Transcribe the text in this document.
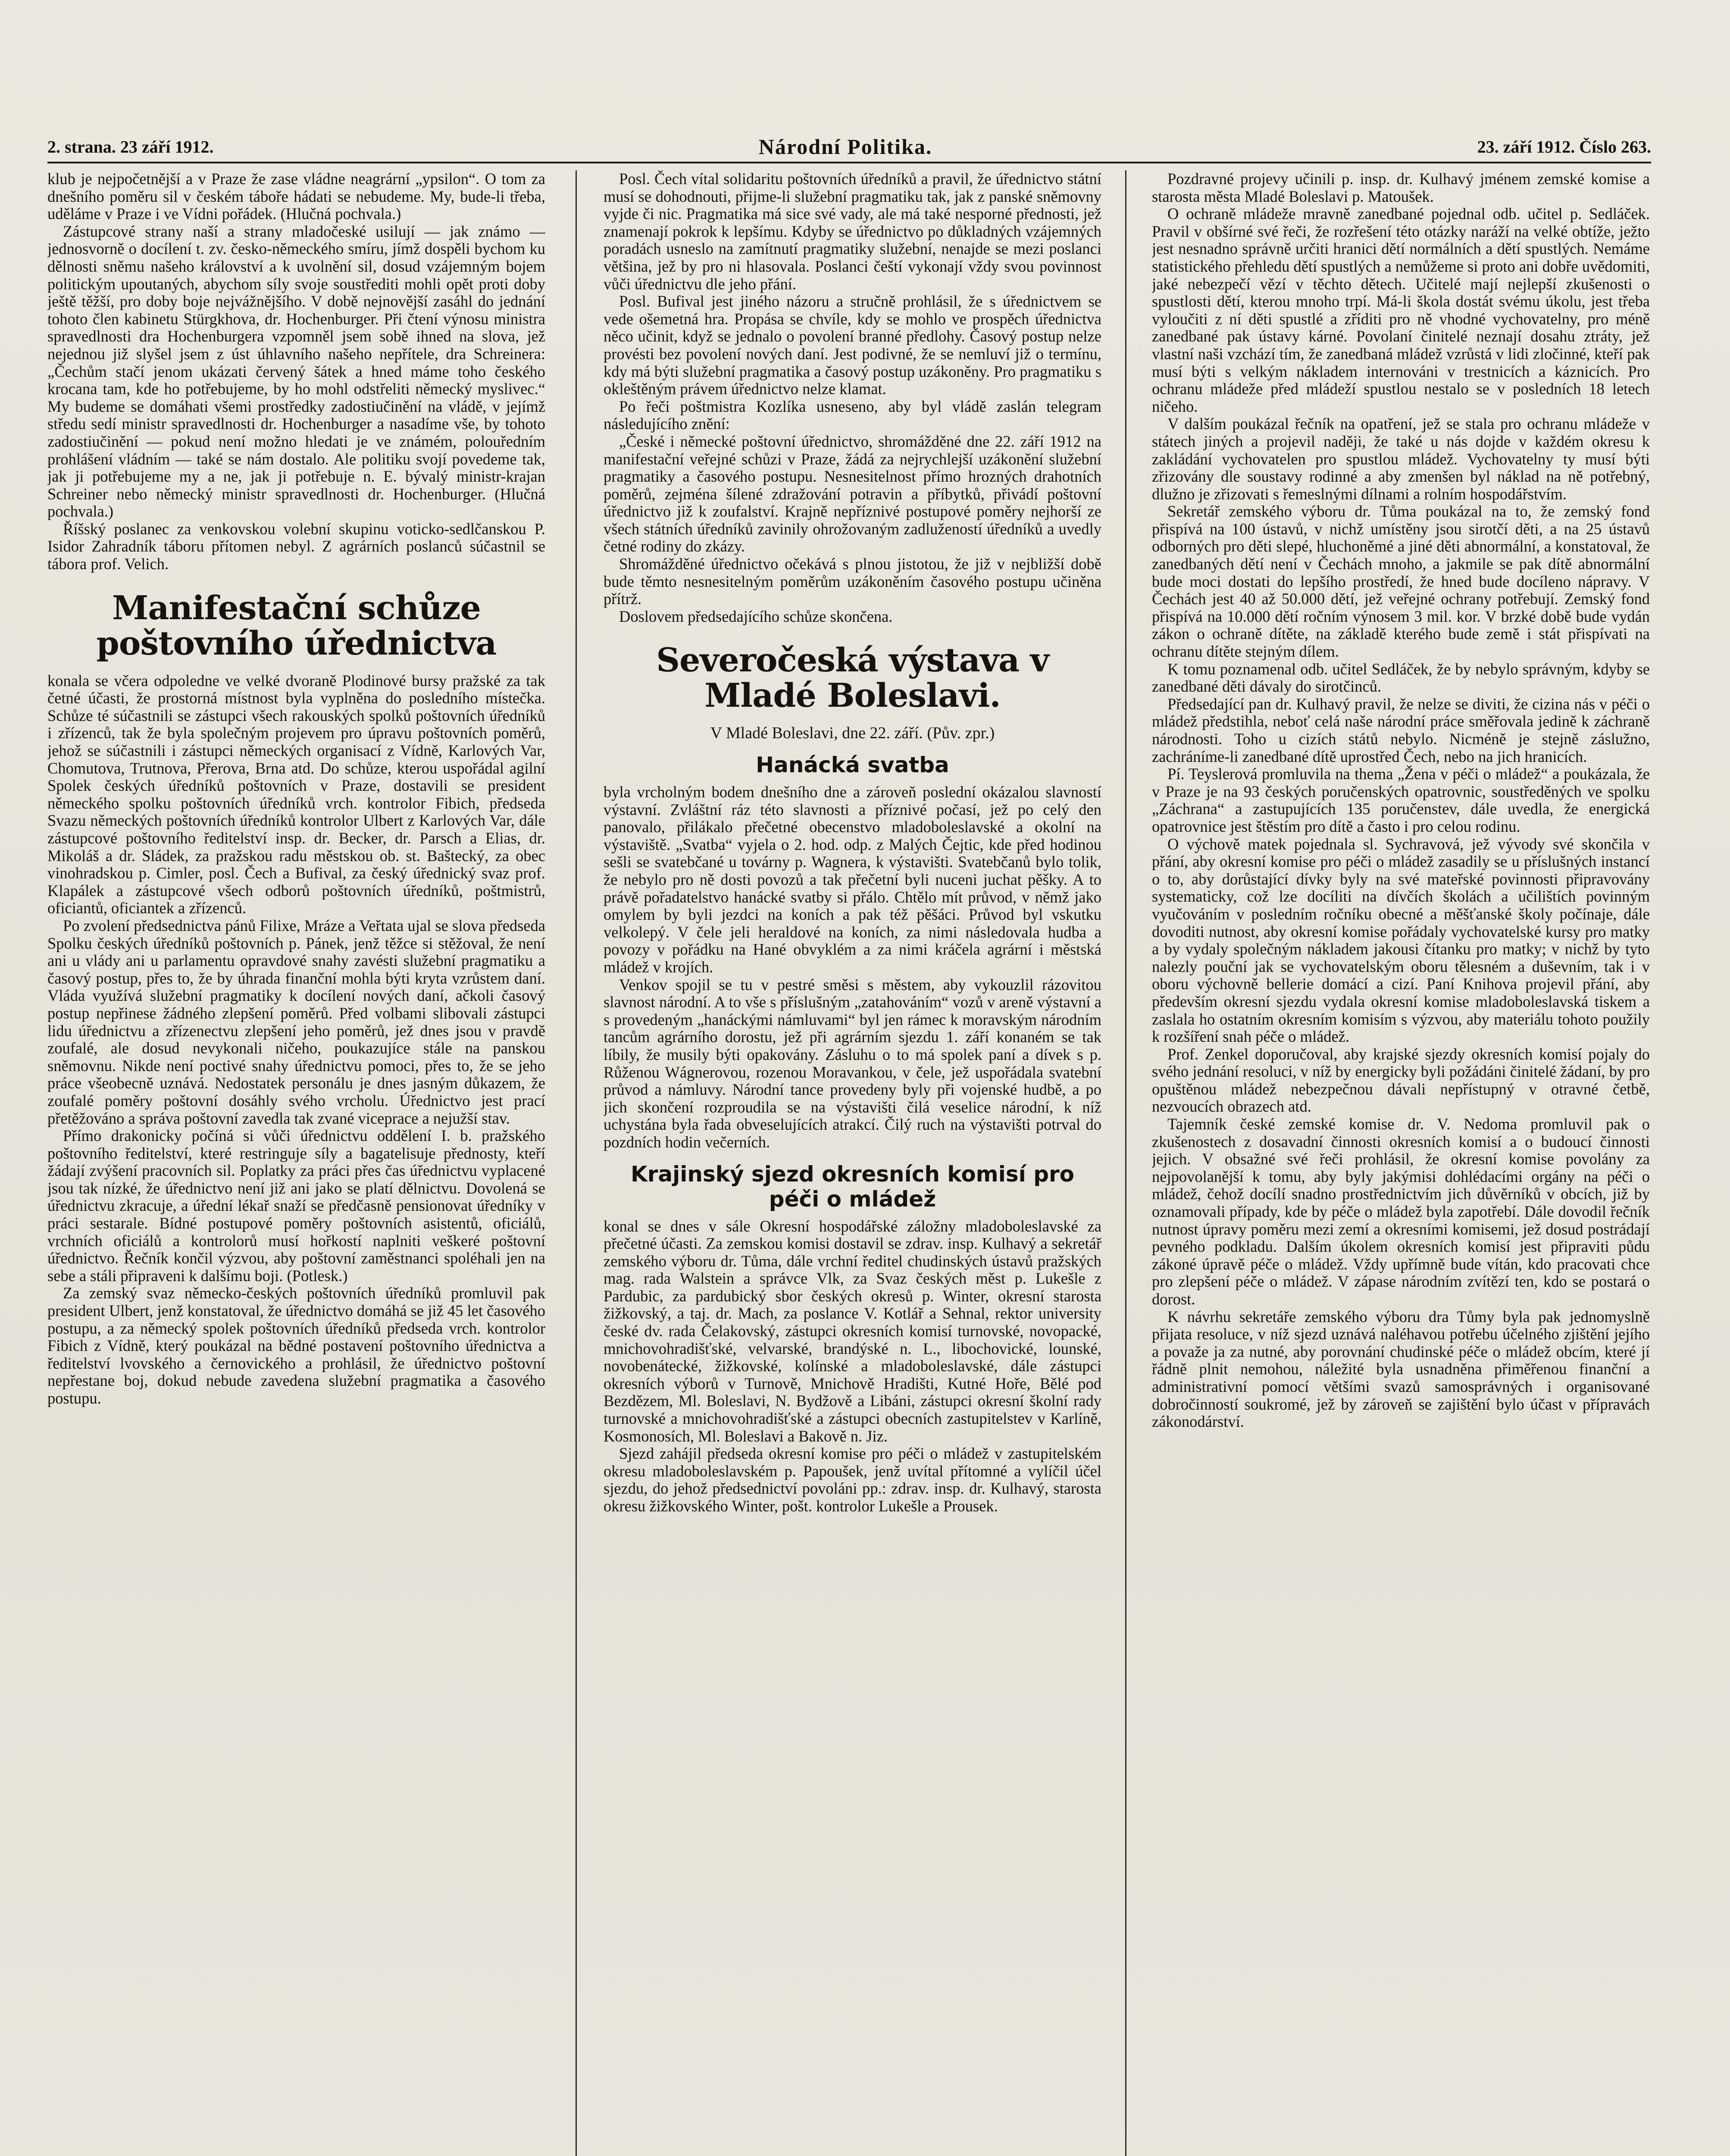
2. strana. 23 září 1912.	Národní Politika.	23. září 1912. Číslo 263.

klub je nejpočetnější a v Praze že zase vládne neagrární „ypsilon“. O tom za dnešního poměru sil v českém táboře hádati se nebudeme. My, bude-li třeba, uděláme v Praze i ve Vídni pořádek. (Hlučná pochvala.)

Zástupcové strany naší a strany mladočeské usilují — jak známo — jednosvorně o docílení t. zv. česko-německého smíru, jímž dospěli bychom ku dělnosti sněmu našeho království a k uvolnění sil, dosud vzájemným bojem politickým upoutaných, abychom síly svoje soustřediti mohli opět proti doby ještě těžší, pro doby boje nejvážnějšího. V době nejnovější zasáhl do jednání tohoto člen kabinetu Stürgkhova, dr. Hochenburger. Při čtení výnosu ministra spravedlnosti dra Hochenburgera vzpomněl jsem sobě ihned na slova, jež nejednou již slyšel jsem z úst úhlavního našeho nepřítele, dra Schreinera: „Čechům stačí jenom ukázati červený šátek a hned máme toho českého krocana tam, kde ho potřebujeme, by ho mohl odstřeliti německý myslivec.“ My budeme se domáhati všemi prostředky zadostiučinění na vládě, v jejímž středu sedí ministr spravedlnosti dr. Hochenburger a nasadíme vše, by tohoto zadostiučinění — pokud není možno hledati je ve známém, polouředním prohlášení vládním — také se nám dostalo. Ale politiku svojí povedeme tak, jak ji potřebujeme my a ne, jak ji potřebuje n. E. bývalý ministr-krajan Schreiner nebo německý ministr spravedlnosti dr. Hochenburger. (Hlučná pochvala.)

Říšský poslanec za venkovskou volební skupinu voticko-sedlčanskou P. Isidor Zahradník táboru přítomen nebyl. Z agrárních poslanců súčastnil se tábora prof. Velich.

Manifestační schůze poštovního úřednictva

konala se včera odpoledne ve velké dvoraně Plodinové bursy pražské za tak četné účasti, že prostorná místnost byla vyplněna do posledního místečka. Schůze té súčastnili se zástupci všech rakouských spolků poštovních úředníků i zřízenců, tak že byla společným projevem pro úpravu poštovních poměrů, jehož se súčastnili i zástupci německých organisací z Vídně, Karlových Var, Chomutova, Trutnova, Přerova, Brna atd. Do schůze, kterou uspořádal agilní Spolek českých úředníků poštovních v Praze, dostavili se president německého spolku poštovních úředníků vrch. kontrolor Fibich, předseda Svazu německých poštovních úředníků kontrolor Ulbert z Karlových Var, dále zástupcové poštovního ředitelství insp. dr. Becker, dr. Parsch a Elias, dr. Mikoláš a dr. Sládek, za pražskou radu městskou ob. st. Baštecký, za obec vinohradskou p. Cimler, posl. Čech a Bufival, za český úřednický svaz prof. Klapálek a zástupcové všech odborů poštovních úředníků, poštmistrů, oficiantů, oficiantek a zřízenců.

Po zvolení předsednictva pánů Filixe, Mráze a Veřtata ujal se slova předseda Spolku českých úředníků poštovních p. Pánek, jenž těžce si stěžoval, že není ani u vlády ani u parlamentu opravdové snahy zavésti služební pragmatiku a časový postup, přes to, že by úhrada finanční mohla býti kryta vzrůstem daní. Vláda využívá služební pragmatiky k docílení nových daní, ačkoli časový postup nepřinese žádného zlepšení poměrů. Před volbami slibovali zástupci lidu úřednictvu a zřízenectvu zlepšení jeho poměrů, jež dnes jsou v pravdě zoufalé, ale dosud nevykonali ničeho, poukazujíce stále na panskou sněmovnu. Nikde není poctivé snahy úřednictvu pomoci, přes to, že se jeho práce všeobecně uznává. Nedostatek personálu je dnes jasným důkazem, že zoufalé poměry poštovní dosáhly svého vrcholu. Úřednictvo jest prací přetěžováno a správa poštovní zavedla tak zvané viceprace a nejužší stav.

Přímo drakonicky počíná si vůči úřednictvu oddělení I. b. pražského poštovního ředitelství, které restringuje síly a bagatelisuje přednosty, kteří žádají zvýšení pracovních sil. Poplatky za práci přes čas úřednictvu vyplacené jsou tak nízké, že úřednictvo není již ani jako se platí dělnictvu. Dovolená se úřednictvu zkracuje, a úřední lékař snaží se předčasně pensionovat úředníky v práci sestarale. Bídné postupové poměry poštovních asistentů, oficiálů, vrchních oficiálů a kontrolorů musí hořkostí naplniti veškeré poštovní úřednictvo. Řečník končil výzvou, aby poštovní zaměstnanci spoléhali jen na sebe a stáli připraveni k dalšímu boji. (Potlesk.)

Za zemský svaz německo-českých poštovních úředníků promluvil pak president Ulbert, jenž konstatoval, že úřednictvo domáhá se již 45 let časového postupu, a za německý spolek poštovních úředníků předseda vrch. kontrolor Fibich z Vídně, který poukázal na bědné postavení poštovního úřednictva a ředitelství lvovského a černovického a prohlásil, že úřednictvo poštovní nepřestane boj, dokud nebude zavedena služební pragmatika a časového postupu.

Posl. Čech vítal solidaritu poštovních úředníků a pravil, že úřednictvo státní musí se dohodnouti, přijme-li služební pragmatiku tak, jak z panské sněmovny vyjde či nic. Pragmatika má sice své vady, ale má také nesporné přednosti, jež znamenají pokrok k lepšímu. Kdyby se úřednictvo po důkladných vzájemných poradách usneslo na zamítnutí pragmatiky služební, nenajde se mezi poslanci většina, jež by pro ni hlasovala. Poslanci čeští vykonají vždy svou povinnost vůči úřednictvu dle jeho přání.

Posl. Bufival jest jiného názoru a stručně prohlásil, že s úřednictvem se vede ošemetná hra. Propása se chvíle, kdy se mohlo ve prospěch úřednictva něco učinit, když se jednalo o povolení branné předlohy. Časový postup nelze provésti bez povolení nových daní. Jest podivné, že se nemluví již o termínu, kdy má býti služební pragmatika a časový postup uzákoněny. Pro pragmatiku s okleštěným právem úřednictvo nelze klamat.

Po řeči poštmistra Kozlíka usneseno, aby byl vládě zaslán telegram následujícího znění:

„České i německé poštovní úřednictvo, shromážděné dne 22. září 1912 na manifestační veřejné schůzi v Praze, žádá za nejrychlejší uzákonění služební pragmatiky a časového postupu. Nesnesitelnost přímo hrozných drahotních poměrů, zejména šílené zdražování potravin a příbytků, přivádí poštovní úřednictvo již k zoufalství. Krajně nepříznivé postupové poměry nejhorší ze všech státních úředníků zavinily ohrožovaným zadlužeností úředníků a uvedly četné rodiny do zkázy.

Shromážděné úřednictvo očekává s plnou jistotou, že již v nejbližší době bude těmto nesnesitelným poměrům uzákoněním časového postupu učiněna přítrž.

Doslovem předsedajícího schůze skončena.

Severočeská výstava v Mladé Boleslavi.
V Mladé Boleslavi, dne 22. září. (Pův. zpr.)
Hanácká svatba

byla vrcholným bodem dnešního dne a zároveň poslední okázalou slavností výstavní. Zvláštní ráz této slavnosti a příznivé počasí, jež po celý den panovalo, přilákalo přečetné obecenstvo mladoboleslavské a okolní na výstaviště. „Svatba“ vyjela o 2. hod. odp. z Malých Čejtic, kde před hodinou sešli se svatebčané u továrny p. Wagnera, k výstavišti. Svatebčanů bylo tolik, že nebylo pro ně dosti povozů a tak přečetní byli nuceni juchat pěšky. A to právě pořadatelstvo hanácké svatby si přálo. Chtělo mít průvod, v němž jako omylem by byli jezdci na koních a pak též pěšáci. Průvod byl vskutku velkolepý. V čele jeli heraldové na koních, za nimi následovala hudba a povozy v pořádku na Hané obvyklém a za nimi kráčela agrární i městská mládež v krojích.

Venkov spojil se tu v pestré směsi s městem, aby vykouzlil rázovitou slavnost národní. A to vše s příslušným „zatahováním“ vozů v areně výstavní a s provedeným „hanáckými námluvami“ byl jen rámec k moravským národním tancům agrárního dorostu, jež při agrárním sjezdu 1. září konaném se tak líbily, že musily býti opakovány. Zásluhu o to má spolek paní a dívek s p. Růženou Wágnerovou, rozenou Moravankou, v čele, jež uspořádala svatební průvod a námluvy. Národní tance provedeny byly při vojenské hudbě, a po jich skončení rozproudila se na výstavišti čilá veselice národní, k níž uchystána byla řada obveselujících atrakcí. Čilý ruch na výstavišti potrval do pozdních hodin večerních.

Krajinský sjezd okresních komisí pro péči o mládež

konal se dnes v sále Okresní hospodářské záložny mladoboleslavské za přečetné účasti. Za zemskou komisi dostavil se zdrav. insp. Kulhavý a sekretář zemského výboru dr. Tůma, dále vrchní ředitel chudinských ústavů pražských mag. rada Walstein a správce Vlk, za Svaz českých měst p. Lukešle z Pardubic, za pardubický sbor českých okresů p. Winter, okresní starosta žižkovský, a taj. dr. Mach, za poslance V. Kotlář a Sehnal, rektor university české dv. rada Čelakovský, zástupci okresních komisí turnovské, novopacké, mnichovohradišťské, velvarské, brandýské n. L., libochovické, lounské, novobenátecké, žižkovské, kolínské a mladoboleslavské, dále zástupci okresních výborů v Turnově, Mnichově Hradišti, Kutné Hoře, Bělé pod Bezdězem, Ml. Boleslavi, N. Bydžově a Libáni, zástupci okresní školní rady turnovské a mnichovohradišťské a zástupci obecních zastupitelstev v Karlíně, Kosmonosích, Ml. Boleslavi a Bakově n. Jiz.

Sjezd zahájil předseda okresní komise pro péči o mládež v zastupitelském okresu mladoboleslavském p. Papoušek, jenž uvítal přítomné a vylíčil účel sjezdu, do jehož předsednictví povoláni pp.: zdrav. insp. dr. Kulhavý, starosta okresu žižkovského Winter, pošt. kontrolor Lukešle a Prousek.

Pozdravné projevy učinili p. insp. dr. Kulhavý jménem zemské komise a starosta města Mladé Boleslavi p. Matoušek.

O ochraně mládeže mravně zanedbané pojednal odb. učitel p. Sedláček. Pravil v obšírné své řeči, že rozřešení této otázky naráží na velké obtíže, ježto jest nesnadno správně určiti hranici dětí normálních a dětí spustlých. Nemáme statistického přehledu dětí spustlých a nemůžeme si proto ani dobře uvědomiti, jaké nebezpečí vězí v těchto dětech. Učitelé mají nejlepší zkušenosti o spustlosti dětí, kterou mnoho trpí. Má-li škola dostát svému úkolu, jest třeba vyloučiti z ní děti spustlé a zříditi pro ně vhodné vychovatelny, pro méně zanedbané pak ústavy kárné. Povolaní činitelé neznají dosahu ztráty, jež vlastní naši vzchází tím, že zanedbaná mládež vzrůstá v lidi zločinné, kteří pak musí býti s velkým nákladem internováni v trestnicích a káznicích. Pro ochranu mládeže před mládeží spustlou nestalo se v posledních 18 letech ničeho.

V dalším poukázal řečník na opatření, jež se stala pro ochranu mládeže v státech jiných a projevil naději, že také u nás dojde v každém okresu k zakládání vychovatelen pro spustlou mládež. Vychovatelny ty musí býti zřizovány dle soustavy rodinné a aby zmenšen byl náklad na ně potřebný, dlužno je zřizovati s řemeslnými dílnami a rolním hospodářstvím.

Sekretář zemského výboru dr. Tůma poukázal na to, že zemský fond přispívá na 100 ústavů, v nichž umístěny jsou sirotčí děti, a na 25 ústavů odborných pro děti slepé, hluchoněmé a jiné děti abnormální, a konstatoval, že zanedbaných dětí není v Čechách mnoho, a jakmile se pak dítě abnormální bude moci dostati do lepšího prostředí, že hned bude docíleno nápravy. V Čechách jest 40 až 50.000 dětí, jež veřejné ochrany potřebují. Zemský fond přispívá na 10.000 dětí ročním výnosem 3 mil. kor. V brzké době bude vydán zákon o ochraně dítěte, na základě kterého bude země i stát přispívati na ochranu dítěte stejným dílem.

K tomu poznamenal odb. učitel Sedláček, že by nebylo správným, kdyby se zanedbané děti dávaly do sirotčinců.

Předsedající pan dr. Kulhavý pravil, že nelze se diviti, že cizina nás v péči o mládež předstihla, neboť celá naše národní práce směřovala jedině k záchraně národnosti. Toho u cizích států nebylo. Nicméně je stejně záslužno, zachráníme-li zanedbané dítě uprostřed Čech, nebo na jich hranicích.

Pí. Teyslerová promluvila na thema „Žena v péči o mládež“ a poukázala, že v Praze je na 93 českých poručenských opatrovnic, soustředěných ve spolku „Záchrana“ a zastupujících 135 poručenstev, dále uvedla, že energická opatrovnice jest štěstím pro dítě a často i pro celou rodinu.

O výchově matek pojednala sl. Sychravová, jež vývody své skončila v přání, aby okresní komise pro péči o mládež zasadily se u příslušných instancí o to, aby dorůstající dívky byly na své mateřské povinnosti připravovány systematicky, což lze docíliti na dívčích školách a učilištích povinným vyučováním v posledním ročníku obecné a měšťanské školy počínaje, dále dovoditi nutnost, aby okresní komise pořádaly vychovatelské kursy pro matky a by vydaly společným nákladem jakousi čítanku pro matky; v nichž by tyto nalezly pouční jak se vychovatelským oboru tělesném a duševním, tak i v oboru výchovně bellerie domácí a cizí. Paní Knihova projevil přání, aby především okresní sjezdu vydala okresní komise mladoboleslavská tiskem a zaslala ho ostatním okresním komisím s výzvou, aby materiálu tohoto použily k rozšíření snah péče o mládež.

Prof. Zenkel doporučoval, aby krajské sjezdy okresních komisí pojaly do svého jednání resoluci, v níž by energicky byli požádáni činitelé žádaní, by pro opuštěnou mládež nebezpečnou dávali nepřístupný v otravné četbě, nezvoucích obrazech atd.

Tajemník české zemské komise dr. V. Nedoma promluvil pak o zkušenostech z dosavadní činnosti okresních komisí a o budoucí činnosti jejich. V obsažné své řeči prohlásil, že okresní komise povolány za nejpovolanější k tomu, aby byly jakýmisi dohlédacími orgány na péči o mládež, čehož docílí snadno prostřednictvím jich důvěrníků v obcích, již by oznamovali případy, kde by péče o mládež byla zapotřebí. Dále dovodil řečník nutnost úpravy poměru mezi zemí a okresními komisemi, jež dosud postrádají pevného podkladu. Dalším úkolem okresních komisí jest připraviti půdu zákoné úpravě péče o mládež. Vždy upřímně bude vítán, kdo pracovati chce pro zlepšení péče o mládež. V zápase národním zvítězí ten, kdo se postará o dorost.

K návrhu sekretáře zemského výboru dra Tůmy byla pak jednomyslně přijata resoluce, v níž sjezd uznává naléhavou potřebu účelného zjištění jejího a považe ja za nutné, aby porovnání chudinské péče o mládež obcím, které jí řádně plnit nemohou, náležité byla usnadněna přiměřenou finanční a administrativní pomocí většími svazů samosprávných i organisované dobročinností soukromé, jež by zároveň se zajištění bylo účast v přípravách zákonodárství.
